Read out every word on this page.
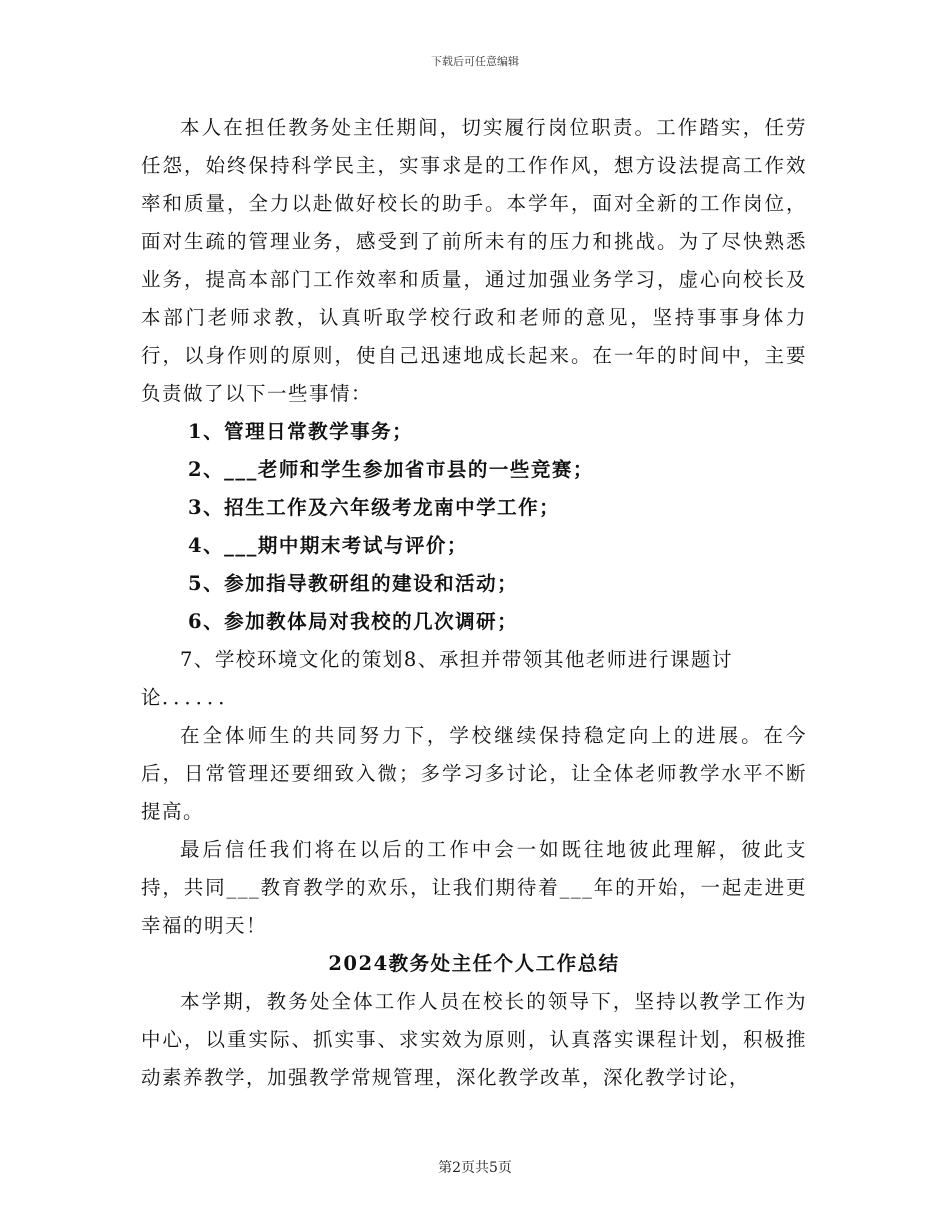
下载后可任意编辑

本人在担任教务处主任期间，切实履行岗位职责。工作踏实，任劳任怨，始终保持科学民主，实事求是的工作作风，想方设法提高工作效率和质量，全力以赴做好校长的助手。本学年，面对全新的工作岗位，面对生疏的管理业务，感受到了前所未有的压力和挑战。为了尽快熟悉业务，提高本部门工作效率和质量，通过加强业务学习，虚心向校长及本部门老师求教，认真听取学校行政和老师的意见，坚持事事身体力行，以身作则的原则，使自己迅速地成长起来。在一年的时间中，主要负责做了以下一些事情：

1、管理日常教学事务；

2、___老师和学生参加省市县的一些竞赛；

3、招生工作及六年级考龙南中学工作；

4、___期中期末考试与评价；

5、参加指导教研组的建设和活动；

6、参加教体局对我校的几次调研；

7、学校环境文化的策划8、承担并带领其他老师进行课题讨论．．．．．．

在全体师生的共同努力下，学校继续保持稳定向上的进展。在今后，日常管理还要细致入微；多学习多讨论，让全体老师教学水平不断提高。

最后信任我们将在以后的工作中会一如既往地彼此理解，彼此支持，共同___教育教学的欢乐，让我们期待着___年的开始，一起走进更幸福的明天！

2024教务处主任个人工作总结

本学期，教务处全体工作人员在校长的领导下，坚持以教学工作为中心，以重实际、抓实事、求实效为原则，认真落实课程计划，积极推动素养教学，加强教学常规管理，深化教学改革，深化教学讨论，

第2页共5页
